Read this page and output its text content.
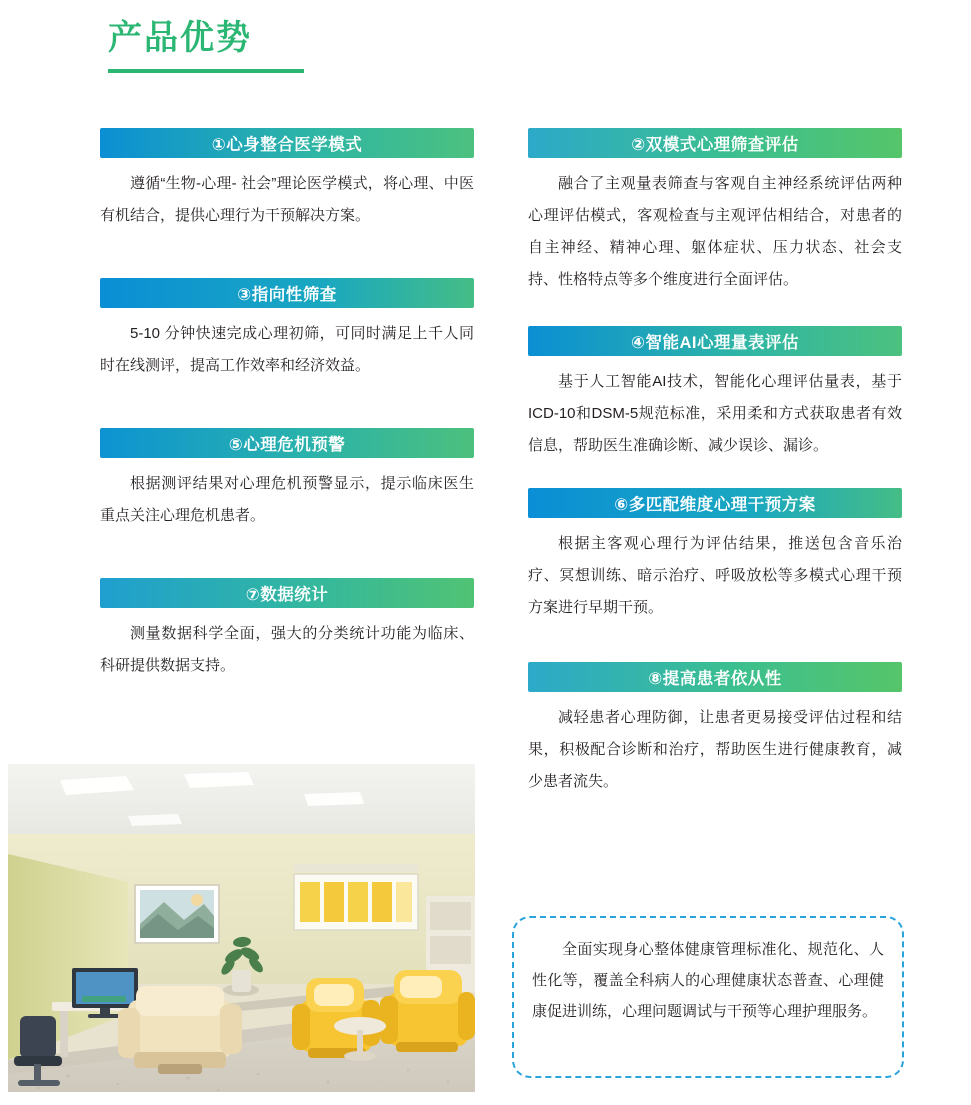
产品优势
①心身整合医学模式

遵循“生物-心理- 社会”理论医学模式，将心理、中医有机结合，提供心理行为干预解决方案。

③指向性筛查

5-10 分钟快速完成心理初筛，可同时满足上千人同时在线测评，提高工作效率和经济效益。

⑤心理危机预警

根据测评结果对心理危机预警显示，提示临床医生重点关注心理危机患者。

⑦数据统计

测量数据科学全面，强大的分类统计功能为临床、科研提供数据支持。

②双模式心理筛查评估

融合了主观量表筛查与客观自主神经系统评估两种心理评估模式，客观检查与主观评估相结合，对患者的自主神经、精神心理、躯体症状、压力状态、社会支持、性格特点等多个维度进行全面评估。

④智能AI心理量表评估

基于人工智能AI技术，智能化心理评估量表，基于ICD-10和DSM-5规范标准，采用柔和方式获取患者有效信息，帮助医生准确诊断、减少误诊、漏诊。

⑥多匹配维度心理干预方案

根据主客观心理行为评估结果，推送包含音乐治疗、冥想训练、暗示治疗、呼吸放松等多模式心理干预方案进行早期干预。

⑧提高患者依从性

减轻患者心理防御，让患者更易接受评估过程和结果，积极配合诊断和治疗，帮助医生进行健康教育，减少患者流失。

全面实现身心整体健康管理标准化、规范化、人性化等，覆盖全科病人的心理健康状态普查、心理健康促进训练，心理问题调试与干预等心理护理服务。
